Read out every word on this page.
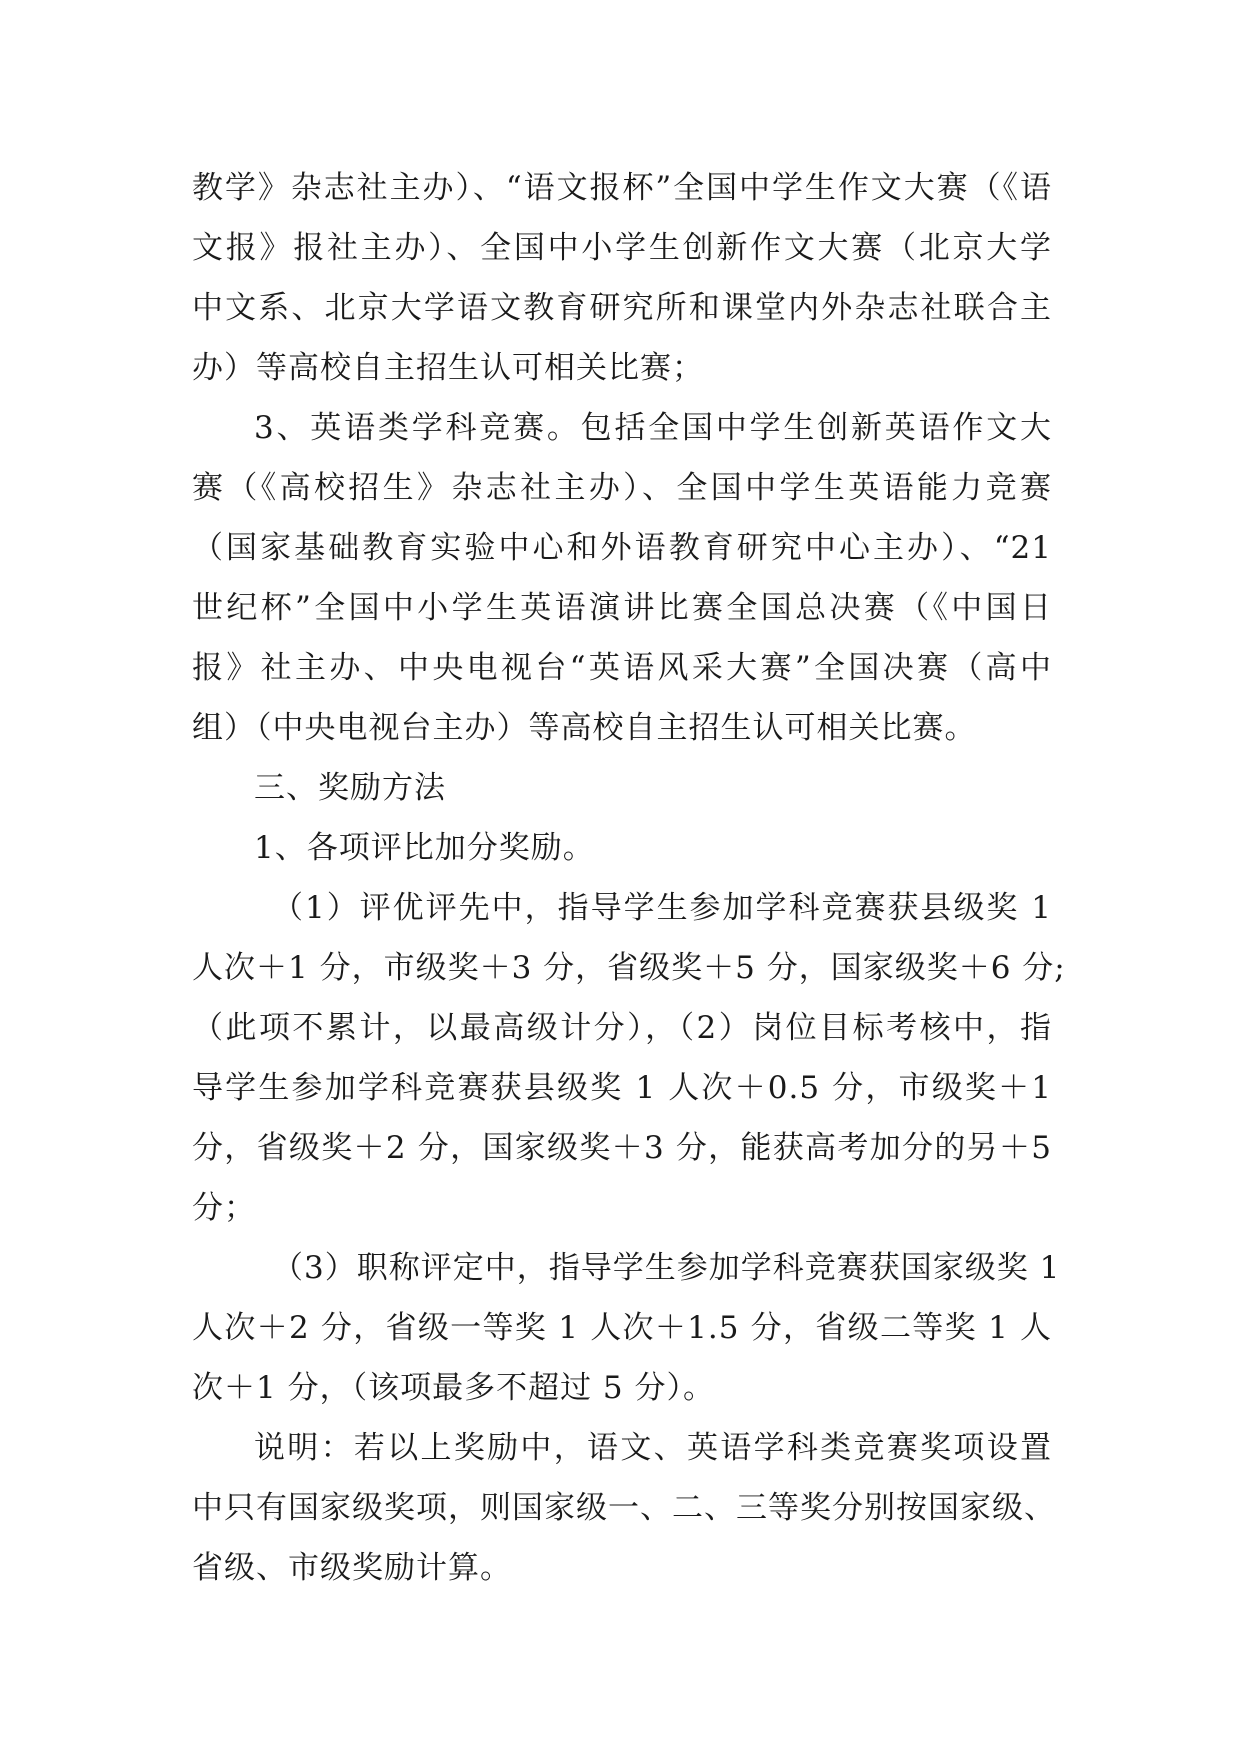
教学》杂志社主办）、“语文报杯”全国中学生作文大赛（《语
文报》报社主办）、全国中小学生创新作文大赛（北京大学
中文系、北京大学语文教育研究所和课堂内外杂志社联合主
办）等高校自主招生认可相关比赛；
3、英语类学科竞赛。包括全国中学生创新英语作文大
赛（《高校招生》杂志社主办）、全国中学生英语能力竞赛
（国家基础教育实验中心和外语教育研究中心主办）、“21
世纪杯”全国中小学生英语演讲比赛全国总决赛（《中国日
报》社主办、中央电视台“英语风采大赛”全国决赛（高中
组）（中央电视台主办）等高校自主招生认可相关比赛。
三、奖励方法
1、各项评比加分奖励。
（1）评优评先中，指导学生参加学科竞赛获县级奖 1
人次＋1 分，市级奖＋3 分，省级奖＋5 分，国家级奖＋6 分;
（此项不累计，以最高级计分），（2）岗位目标考核中，指
导学生参加学科竞赛获县级奖 1 人次＋0.5 分，市级奖＋1
分，省级奖＋2 分，国家级奖＋3 分，能获高考加分的另＋5
分；
（3）职称评定中，指导学生参加学科竞赛获国家级奖 1
人次＋2 分，省级一等奖 1 人次＋1.5 分，省级二等奖 1 人
次＋1 分，（该项最多不超过 5 分）。
说明：若以上奖励中，语文、英语学科类竞赛奖项设置
中只有国家级奖项，则国家级一、二、三等奖分别按国家级、
省级、市级奖励计算。
